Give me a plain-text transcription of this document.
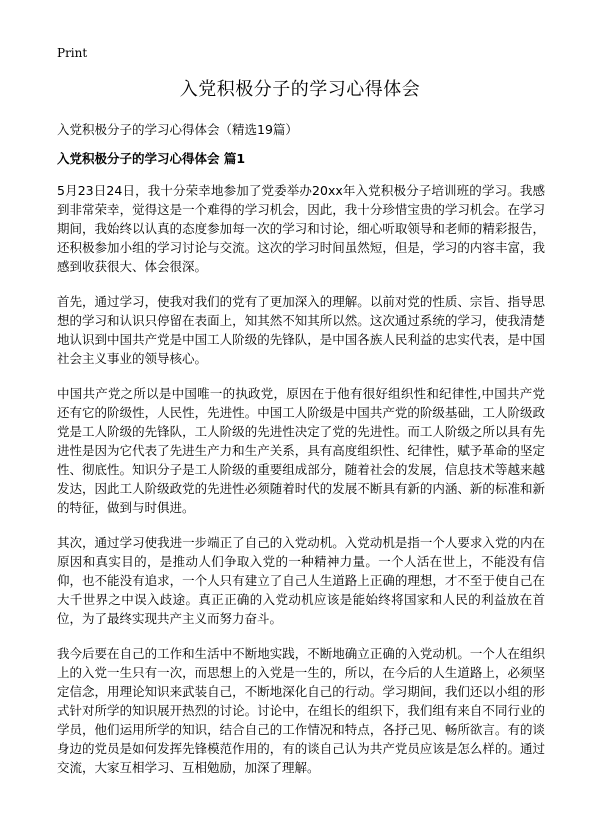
Print
入党积极分子的学习心得体会

入党积极分子的学习心得体会（精选19篇）

入党积极分子的学习心得体会 篇1

5月23日24日，我十分荣幸地参加了党委举办20xx年入党积极分子培训班的学习。我感到非常荣幸，觉得这是一个难得的学习机会，因此，我十分珍惜宝贵的学习机会。在学习期间，我始终以认真的态度参加每一次的学习和讨论，细心听取领导和老师的精彩报告，还积极参加小组的学习讨论与交流。这次的学习时间虽然短，但是，学习的内容丰富，我感到收获很大、体会很深。

首先，通过学习，使我对我们的党有了更加深入的理解。以前对党的性质、宗旨、指导思想的学习和认识只停留在表面上，知其然不知其所以然。这次通过系统的学习，使我清楚地认识到中国共产党是中国工人阶级的先锋队，是中国各族人民利益的忠实代表，是中国社会主义事业的领导核心。

中国共产党之所以是中国唯一的执政党，原因在于他有很好组织性和纪律性,中国共产党还有它的阶级性，人民性，先进性。中国工人阶级是中国共产党的阶级基础，工人阶级政党是工人阶级的先锋队，工人阶级的先进性决定了党的先进性。而工人阶级之所以具有先进性是因为它代表了先进生产力和生产关系，具有高度组织性、纪律性，赋予革命的坚定性、彻底性。知识分子是工人阶级的重要组成部分，随着社会的发展，信息技术等越来越发达，因此工人阶级政党的先进性必须随着时代的发展不断具有新的内涵、新的标准和新的特征，做到与时俱进。

其次，通过学习使我进一步端正了自己的入党动机。入党动机是指一个人要求入党的内在原因和真实目的，是推动人们争取入党的一种精神力量。一个人活在世上，不能没有信仰，也不能没有追求，一个人只有建立了自己人生道路上正确的理想，才不至于使自己在大千世界之中误入歧途。真正正确的入党动机应该是能始终将国家和人民的利益放在首位，为了最终实现共产主义而努力奋斗。

我今后要在自己的工作和生活中不断地实践，不断地确立正确的入党动机。一个人在组织上的入党一生只有一次，而思想上的入党是一生的，所以，在今后的人生道路上，必须坚定信念，用理论知识来武装自己，不断地深化自己的行动。学习期间，我们还以小组的形式针对所学的知识展开热烈的讨论。讨论中，在组长的组织下，我们组有来自不同行业的学员，他们运用所学的知识，结合自己的工作情况和特点，各抒己见、畅所欲言。有的谈身边的党员是如何发挥先锋模范作用的，有的谈自己认为共产党员应该是怎么样的。通过交流，大家互相学习、互相勉励，加深了理解。
